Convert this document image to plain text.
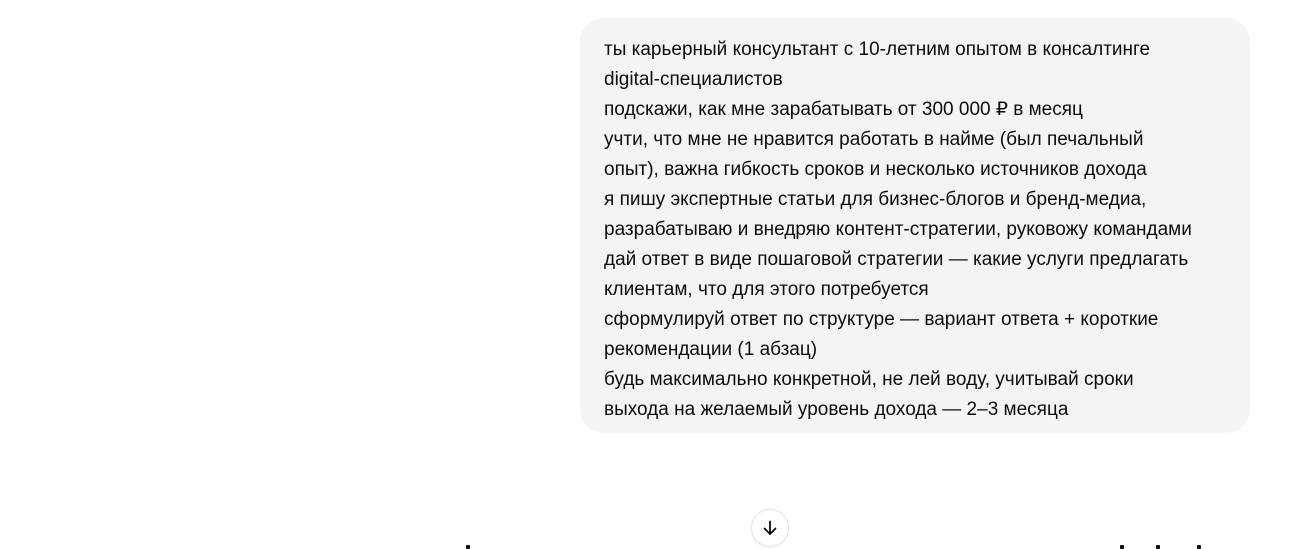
ты карьерный консультант с 10-летним опытом в консалтинге
digital-специалистов
подскажи, как мне зарабатывать от 300 000 ₽ в месяц
учти, что мне не нравится работать в найме (был печальный
опыт), важна гибкость сроков и несколько источников дохода
я пишу экспертные статьи для бизнес-блогов и бренд-медиа,
разрабатываю и внедряю контент-стратегии, руковожу командами
дай ответ в виде пошаговой стратегии — какие услуги предлагать
клиентам, что для этого потребуется
сформулируй ответ по структуре — вариант ответа + короткие
рекомендации (1 абзац)
будь максимально конкретной, не лей воду, учитывай сроки
выхода на желаемый уровень дохода — 2–3 месяца
